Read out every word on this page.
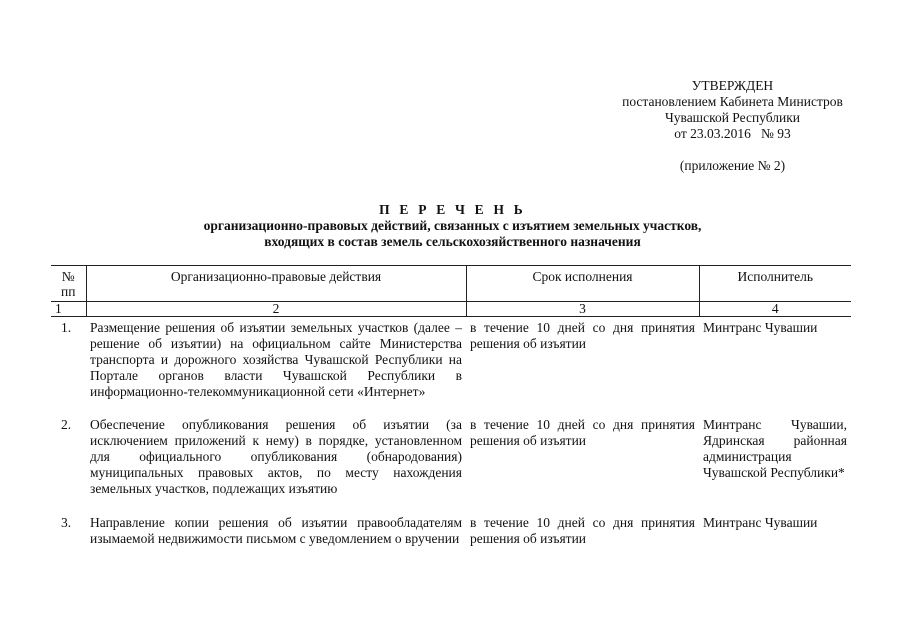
УТВЕРЖДЕН
постановлением Кабинета Министров
Чувашской Республики
от 23.03.2016   № 93
(приложение № 2)

П Е Р Е Ч Е Н Ь

организационно-правовых действий, связанных с изъятием земельных участков,

входящих в состав земель сельскохозяйственного назначения

№ пп	Организационно-правовые действия	Срок исполнения	Исполнитель
1	2	3	4
1.	Размещение решения об изъятии земельных участков (далее – решение об изъятии) на официальном сайте Министерства транспорта и дорожного хозяйства Чувашской Республики на Портале органов власти Чувашской Республики в информационно-телекоммуникационной сети «Интернет»	в течение 10 дней со дня принятия решения об изъятии	Минтранс Чувашии
2.	Обеспечение опубликования решения об изъятии (за исключением приложений к нему) в порядке, установленном для официального опубликования (обнародования) муниципальных правовых актов, по месту нахождения земельных участков, подлежащих изъятию	в течение 10 дней со дня принятия решения об изъятии	Минтранс Чувашии, Ядринская районная администрация Чувашской Республики*
3.	Направление копии решения об изъятии правообладателям изымаемой недвижимости письмом с уведомлением о вручении	в течение 10 дней со дня принятия решения об изъятии	Минтранс Чувашии
